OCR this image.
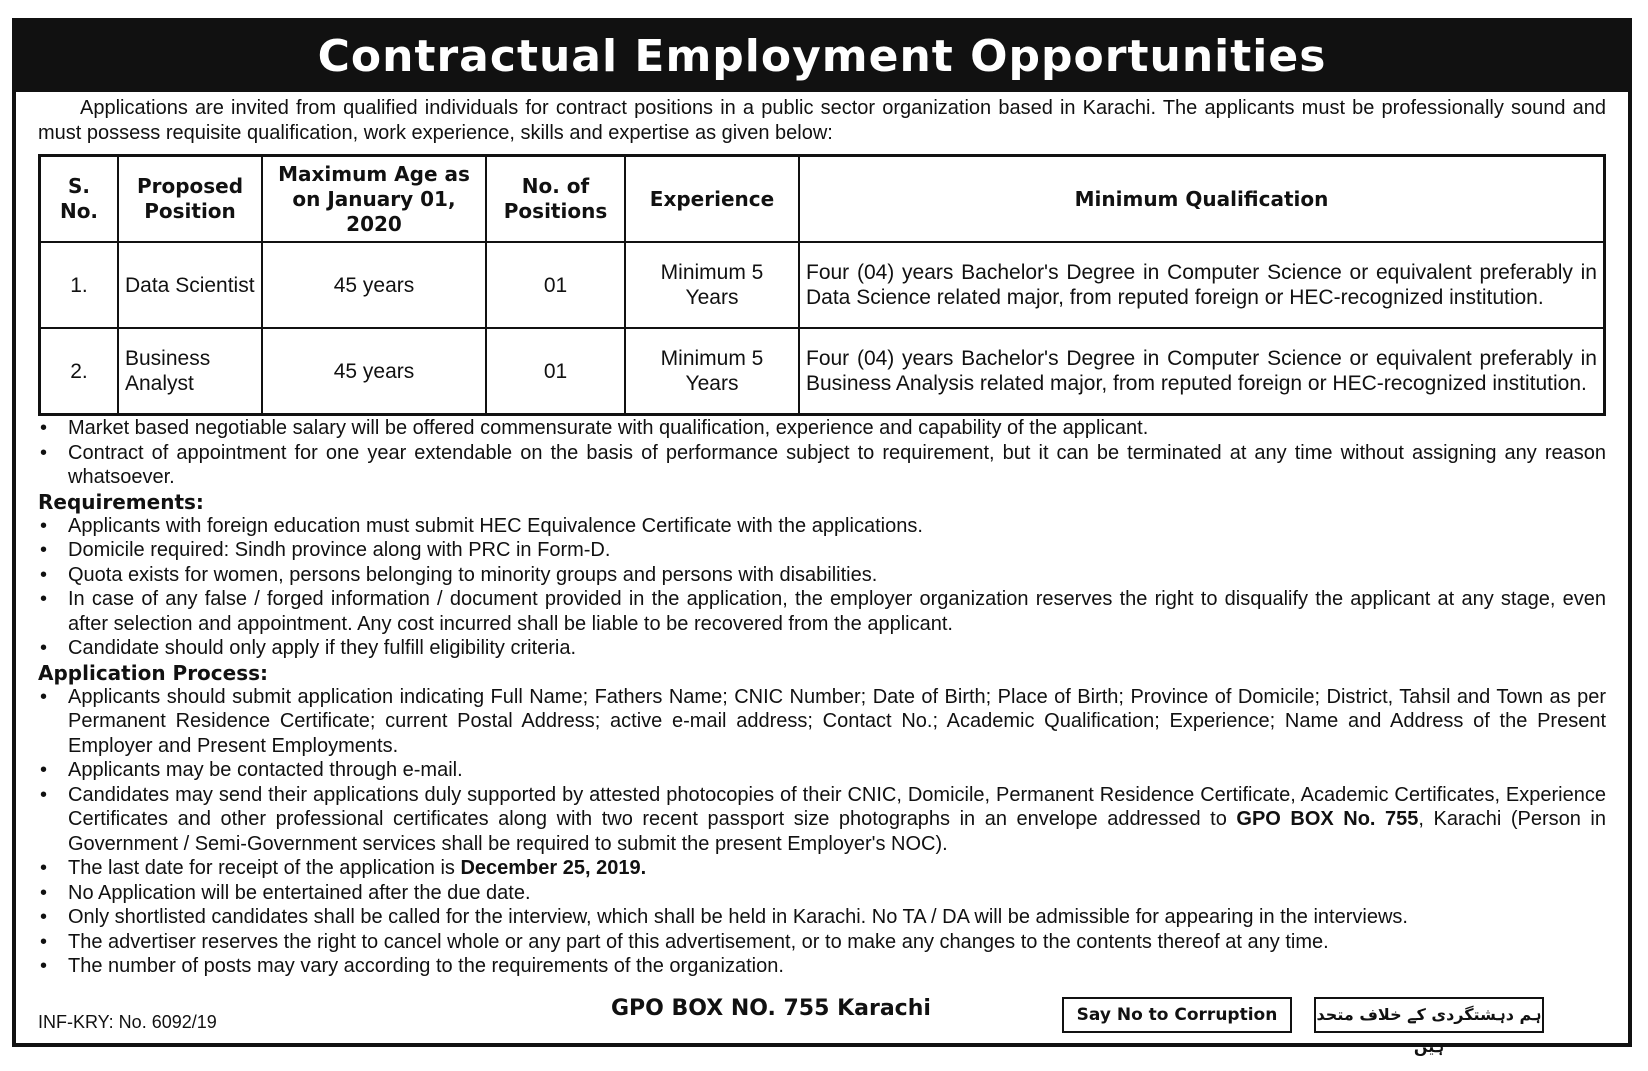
Contractual Employment Opportunities

Applications are invited from qualified individuals for contract positions in a public sector organization based in Karachi. The applicants must be professionally sound and must possess requisite qualification, work experience, skills and expertise as given below:

S. No.	Proposed Position	Maximum Age as on January 01, 2020	No. of Positions	Experience	Minimum Qualification
1.	Data Scientist	45 years	01	Minimum 5 Years	Four (04) years Bachelor's Degree in Computer Science or equivalent preferably in Data Science related major, from reputed foreign or HEC-recognized institution.
2.	Business Analyst	45 years	01	Minimum 5 Years	Four (04) years Bachelor's Degree in Computer Science or equivalent preferably in Business Analysis related major, from reputed foreign or HEC-recognized institution.
• Market based negotiable salary will be offered commensurate with qualification, experience and capability of the applicant.
• Contract of appointment for one year extendable on the basis of performance subject to requirement, but it can be terminated at any time without assigning any reason whatsoever.

Requirements:

• Applicants with foreign education must submit HEC Equivalence Certificate with the applications.
• Domicile required: Sindh province along with PRC in Form-D.
• Quota exists for women, persons belonging to minority groups and persons with disabilities.
• In case of any false / forged information / document provided in the application, the employer organization reserves the right to disqualify the applicant at any stage, even after selection and appointment. Any cost incurred shall be liable to be recovered from the applicant.
• Candidate should only apply if they fulfill eligibility criteria.

Application Process:

• Applicants should submit application indicating Full Name; Fathers Name; CNIC Number; Date of Birth; Place of Birth; Province of Domicile; District, Tahsil and Town as per Permanent Residence Certificate; current Postal Address; active e-mail address; Contact No.; Academic Qualification; Experience; Name and Address of the Present Employer and Present Employments.
• Applicants may be contacted through e-mail.
• Candidates may send their applications duly supported by attested photocopies of their CNIC, Domicile, Permanent Residence Certificate, Academic Certificates, Experience Certificates and other professional certificates along with two recent passport size photographs in an envelope addressed to GPO BOX No. 755, Karachi (Person in Government / Semi-Government services shall be required to submit the present Employer's NOC).
• The last date for receipt of the application is December 25, 2019.
• No Application will be entertained after the due date.
• Only shortlisted candidates shall be called for the interview, which shall be held in Karachi. No TA / DA will be admissible for appearing in the interviews.
• The advertiser reserves the right to cancel whole or any part of this advertisement, or to make any changes to the contents thereof at any time.
• The number of posts may vary according to the requirements of the organization.
INF-KRY: No. 6092/19
GPO BOX NO. 755 Karachi	Say No to Corruption	ہم دہشتگردی کے خلاف متحد ہیں
